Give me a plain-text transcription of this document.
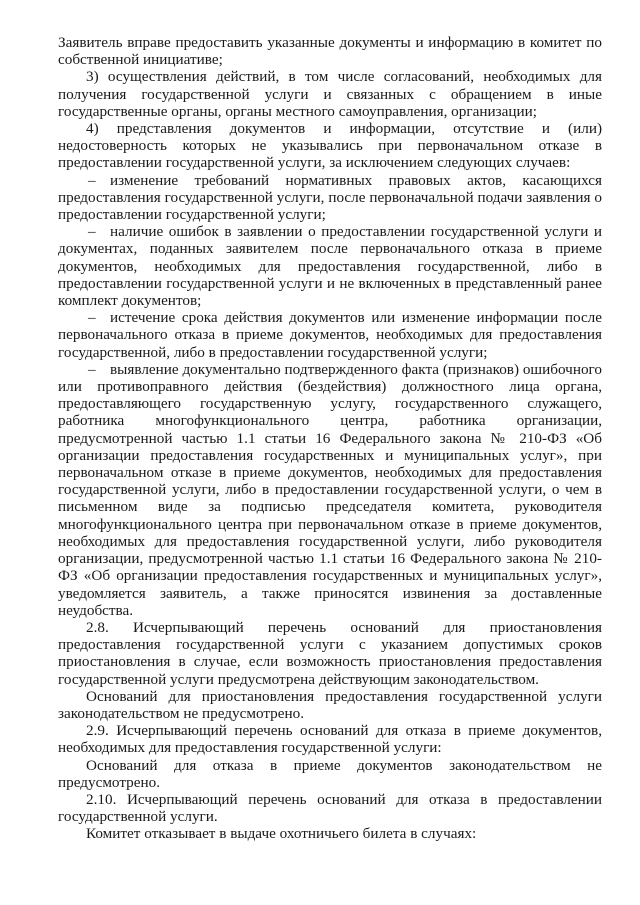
Заявитель вправе предоставить указанные документы и информацию в комитет по собственной инициативе;

3) осуществления действий, в том числе согласований, необходимых для получения государственной услуги и связанных с обращением в иные государственные органы, органы местного самоуправления, организации;

4) представления документов и информации, отсутствие и (или) недостоверность которых не указывались при первоначальном отказе в предоставлении государственной услуги, за исключением следующих случаев:

– изменение требований нормативных правовых актов, касающихся предоставления государственной услуги, после первоначальной подачи заявления о предоставлении государственной услуги;

– наличие ошибок в заявлении о предоставлении государственной услуги и документах, поданных заявителем после первоначального отказа в приеме документов, необходимых для предоставления государственной, либо в предоставлении государственной услуги и не включенных в представленный ранее комплект документов;

– истечение срока действия документов или изменение информации после первоначального отказа в приеме документов, необходимых для предоставления государственной, либо в предоставлении государственной услуги;

– выявление документально подтвержденного факта (признаков) ошибочного или противоправного действия (бездействия) должностного лица органа, предоставляющего государственную услугу, государственного служащего, работника многофункционального центра, работника организации, предусмотренной частью 1.1 статьи 16 Федерального закона № 210-ФЗ «Об организации предоставления государственных и муниципальных услуг», при первоначальном отказе в приеме документов, необходимых для предоставления государственной услуги, либо в предоставлении государственной услуги, о чем в письменном виде за подписью председателя комитета, руководителя многофункционального центра при первоначальном отказе в приеме документов, необходимых для предоставления государственной услуги, либо руководителя организации, предусмотренной частью 1.1 статьи 16 Федерального закона № 210-ФЗ «Об организации предоставления государственных и муниципальных услуг», уведомляется заявитель, а также приносятся извинения за доставленные неудобства.

2.8. Исчерпывающий перечень оснований для приостановления предоставления государственной услуги с указанием допустимых сроков приостановления в случае, если возможность приостановления предоставления государственной услуги предусмотрена действующим законодательством.

Оснований для приостановления предоставления государственной услуги законодательством не предусмотрено.

2.9. Исчерпывающий перечень оснований для отказа в приеме документов, необходимых для предоставления государственной услуги:

Оснований для отказа в приеме документов законодательством не предусмотрено.

2.10. Исчерпывающий перечень оснований для отказа в предоставлении государственной услуги.

Комитет отказывает в выдаче охотничьего билета в случаях:
